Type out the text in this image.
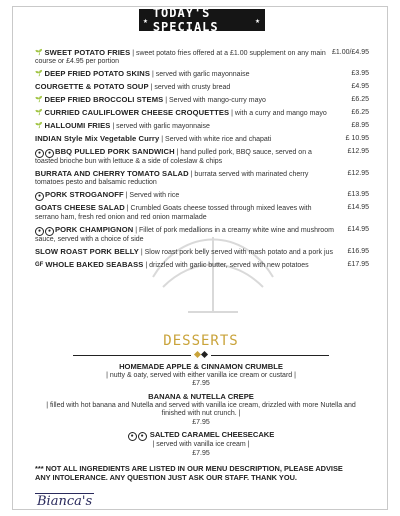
★ TODAY'S SPECIALS	★
🌱 SWEET POTATO FRIES | sweet potato fries offered at a £1.00 supplement on any main course or £4.95 per portion
£1.00/£4.95
🌱 DEEP FRIED POTATO SKINS | served with garlic mayonnaise	£3.95
COURGETTE & POTATO SOUP | served with crusty bread	£4.95
🌱 DEEP FRIED BROCCOLI STEMS | Served with mango-curry mayo	£6.25
🌱 CURRIED CAULIFLOWER CHEESE CROQUETTES | with a curry and mango mayo	£6.25
🌱 HALLOUMI FRIES | served with garlic mayonnaise	£8.95
INDIAN Style Mix Vegetable Curry | Served with white rice and chapati	£ 10.95
● ● BBQ PULLED PORK SANDWICH | hand pulled pork, BBQ sauce, served on a toasted brioche bun with lettuce & a side of coleslaw & chips
£12.95
BURRATA AND CHERRY TOMATO SALAD | burrata served with marinated cherry tomatoes pesto and balsamic reduction
£12.95
● PORK STROGANOFF | Served with rice	£13.95
GOATS CHEESE SALAD | Crumbled Goats cheese tossed through mixed leaves with serrano ham, fresh red onion and red onion marmalade
£14.95
● ● PORK CHAMPIGNON | Fillet of pork medallions in a creamy white wine and mushroom sauce, served with a choice of side
£14.95
SLOW ROAST PORK BELLY | Slow roast pork belly served with mash potato and a pork jus £16.95
GF WHOLE BAKED SEABASS | drizzled with garlic butter, served with new potatoes	£17.95
DESSERTS
HOMEMADE APPLE & CINNAMON CRUMBLE
| nutty & oaty, served with either vanilla ice cream or custard |
£7.95
BANANA & NUTELLA CREPE
| filled with hot banana and Nutella and served with vanilla ice cream, drizzled with more Nutella and finished with nut crunch. |
£7.95
● ● SALTED CARAMEL CHEESECAKE
| served with vanilla ice cream |
£7.95
*** NOT ALL INGREDIENTS ARE LISTED IN OUR MENU DESCRIPTION, PLEASE ADVISE ANY INTOLERANCE. ANY QUESTION JUST ASK OUR STAFF. THANK YOU.
Bianca's
